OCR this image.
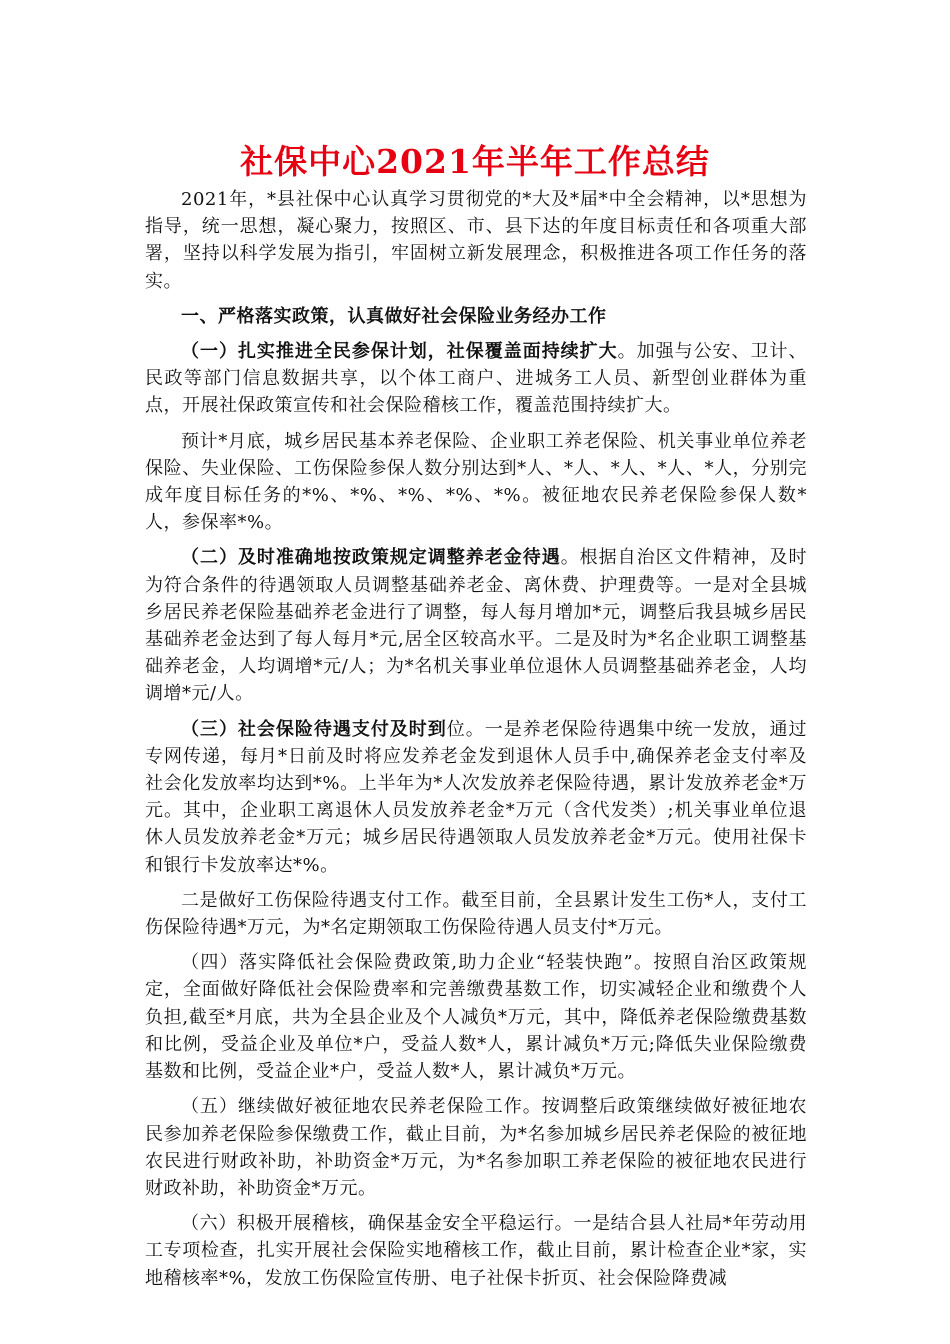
社保中心2021年半年工作总结

2021年，*县社保中心认真学习贯彻党的*大及*届*中全会精神，以*思想为指导，统一思想，凝心聚力，按照区、市、县下达的年度目标责任和各项重大部署，坚持以科学发展为指引，牢固树立新发展理念，积极推进各项工作任务的落实。

一、严格落实政策，认真做好社会保险业务经办工作

（一）扎实推进全民参保计划，社保覆盖面持续扩大。加强与公安、卫计、民政等部门信息数据共享，以个体工商户、进城务工人员、新型创业群体为重点，开展社保政策宣传和社会保险稽核工作，覆盖范围持续扩大。

预计*月底，城乡居民基本养老保险、企业职工养老保险、机关事业单位养老保险、失业保险、工伤保险参保人数分别达到*人、*人、*人、*人、*人，分别完成年度目标任务的*%、*%、*%、*%、*%。被征地农民养老保险参保人数*人，参保率*%。

（二）及时准确地按政策规定调整养老金待遇。根据自治区文件精神，及时为符合条件的待遇领取人员调整基础养老金、离休费、护理费等。一是对全县城乡居民养老保险基础养老金进行了调整，每人每月增加*元，调整后我县城乡居民基础养老金达到了每人每月*元,居全区较高水平。二是及时为*名企业职工调整基础养老金，人均调增*元/人；为*名机关事业单位退休人员调整基础养老金，人均调增*元/人。

（三）社会保险待遇支付及时到位。一是养老保险待遇集中统一发放，通过专网传递，每月*日前及时将应发养老金发到退休人员手中,确保养老金支付率及社会化发放率均达到*%。上半年为*人次发放养老保险待遇，累计发放养老金*万元。其中，企业职工离退休人员发放养老金*万元（含代发类）;机关事业单位退休人员发放养老金*万元；城乡居民待遇领取人员发放养老金*万元。使用社保卡和银行卡发放率达*%。

二是做好工伤保险待遇支付工作。截至目前，全县累计发生工伤*人，支付工伤保险待遇*万元，为*名定期领取工伤保险待遇人员支付*万元。

（四）落实降低社会保险费政策,助力企业“轻装快跑”。按照自治区政策规定，全面做好降低社会保险费率和完善缴费基数工作，切实减轻企业和缴费个人负担,截至*月底，共为全县企业及个人减负*万元，其中，降低养老保险缴费基数和比例，受益企业及单位*户，受益人数*人，累计减负*万元;降低失业保险缴费基数和比例，受益企业*户，受益人数*人，累计减负*万元。

（五）继续做好被征地农民养老保险工作。按调整后政策继续做好被征地农民参加养老保险参保缴费工作，截止目前，为*名参加城乡居民养老保险的被征地农民进行财政补助，补助资金*万元，为*名参加职工养老保险的被征地农民进行财政补助，补助资金*万元。

（六）积极开展稽核，确保基金安全平稳运行。一是结合县人社局*年劳动用工专项检查，扎实开展社会保险实地稽核工作，截止目前，累计检查企业*家，实地稽核率*%，发放工伤保险宣传册、电子社保卡折页、社会保险降费减
